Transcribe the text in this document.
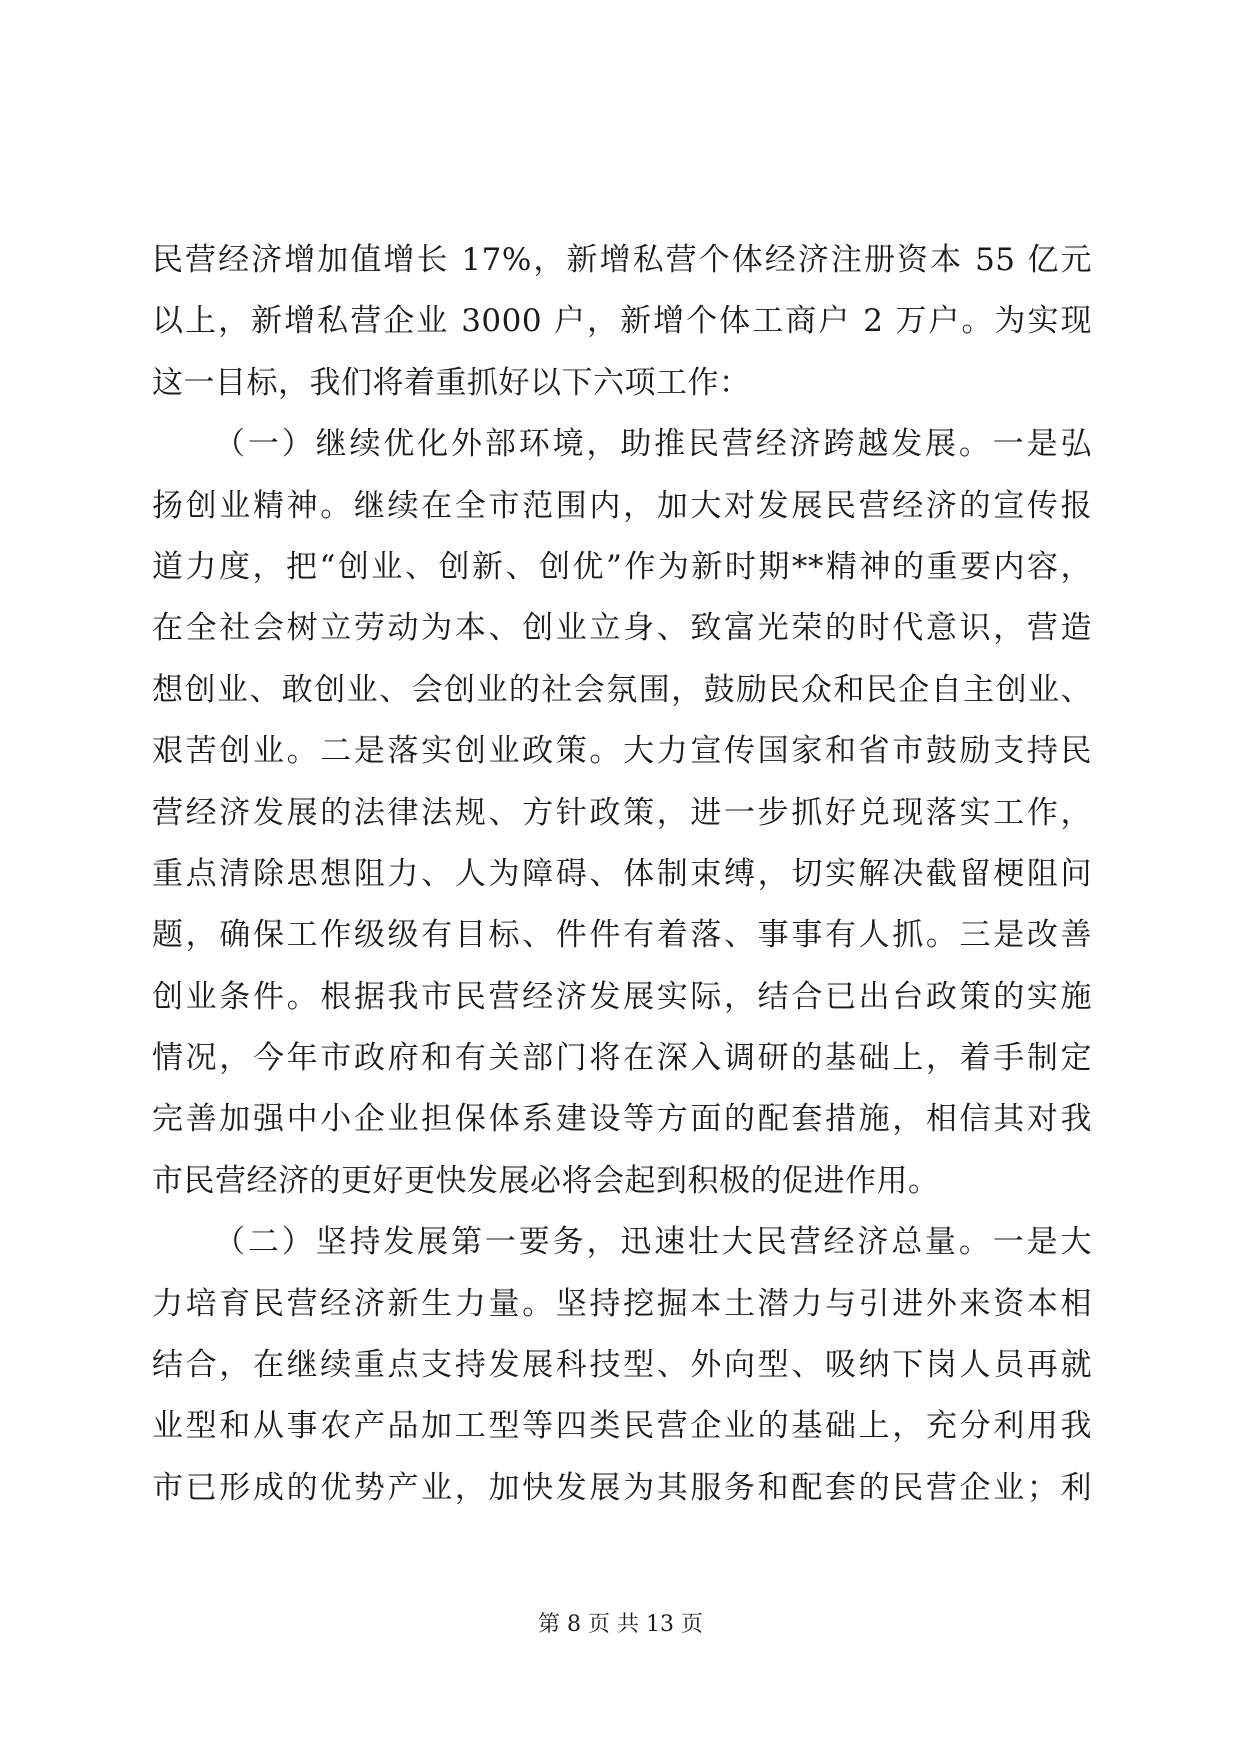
民营经济增加值增长 17%，新增私营个体经济注册资本 55 亿元
以上，新增私营企业 3000 户，新增个体工商户 2 万户。为实现
这一目标，我们将着重抓好以下六项工作：
（一）继续优化外部环境，助推民营经济跨越发展。一是弘
扬创业精神。继续在全市范围内，加大对发展民营经济的宣传报
道力度，把“创业、创新、创优”作为新时期**精神的重要内容，
在全社会树立劳动为本、创业立身、致富光荣的时代意识，营造
想创业、敢创业、会创业的社会氛围，鼓励民众和民企自主创业、
艰苦创业。二是落实创业政策。大力宣传国家和省市鼓励支持民
营经济发展的法律法规、方针政策，进一步抓好兑现落实工作，
重点清除思想阻力、人为障碍、体制束缚，切实解决截留梗阻问
题，确保工作级级有目标、件件有着落、事事有人抓。三是改善
创业条件。根据我市民营经济发展实际，结合已出台政策的实施
情况，今年市政府和有关部门将在深入调研的基础上，着手制定
完善加强中小企业担保体系建设等方面的配套措施，相信其对我
市民营经济的更好更快发展必将会起到积极的促进作用。
（二）坚持发展第一要务，迅速壮大民营经济总量。一是大
力培育民营经济新生力量。坚持挖掘本土潜力与引进外来资本相
结合，在继续重点支持发展科技型、外向型、吸纳下岗人员再就
业型和从事农产品加工型等四类民营企业的基础上，充分利用我
市已形成的优势产业，加快发展为其服务和配套的民营企业；利
第 8 页 共 13 页
